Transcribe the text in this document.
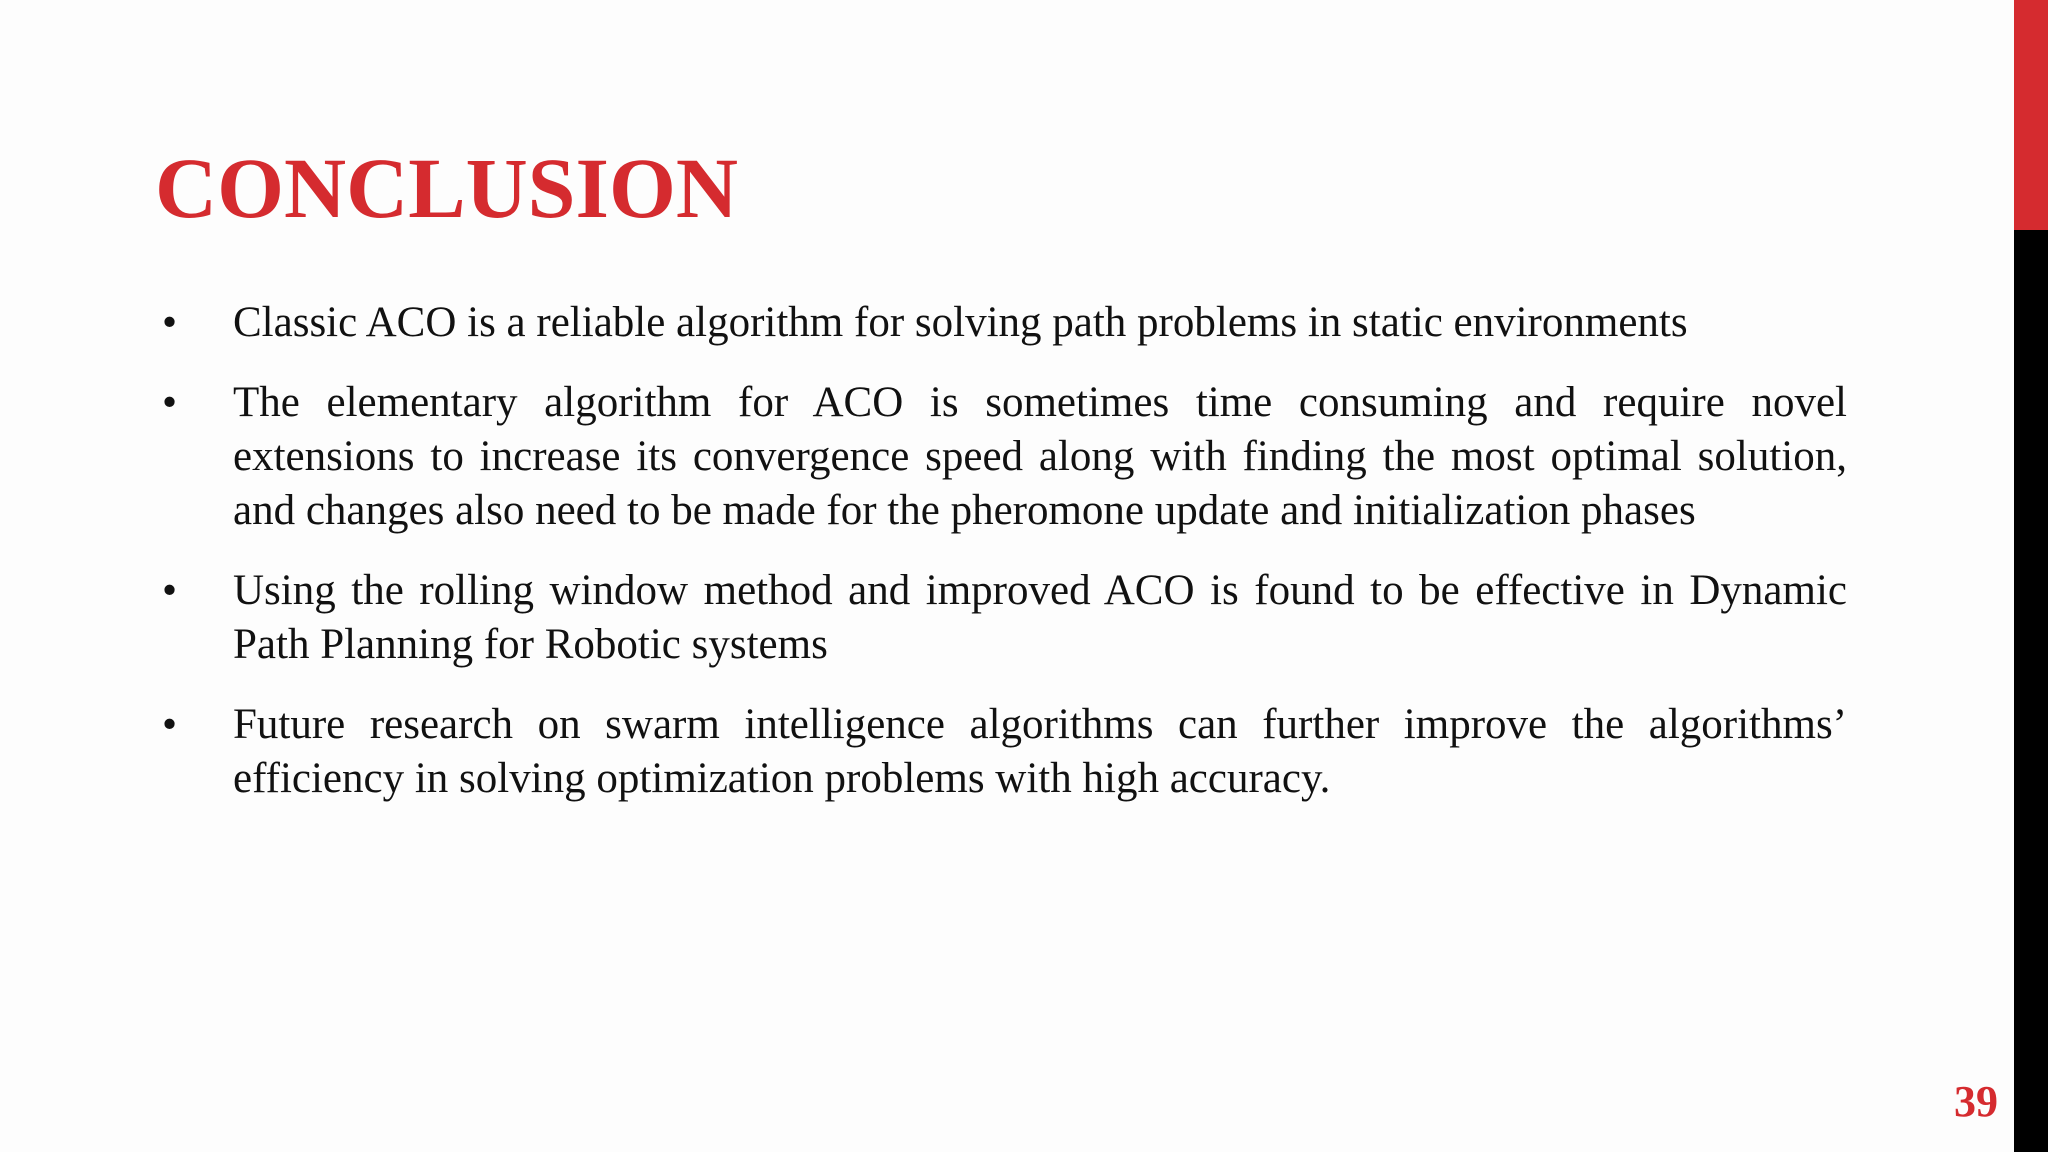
CONCLUSION
• Classic ACO is a reliable algorithm for solving path problems in static environments
• The elementary algorithm for ACO is sometimes time consuming and require novel extensions to increase its convergence speed along with finding the most optimal solution, and changes also need to be made for the pheromone update and initialization phases
• Using the rolling window method and improved ACO is found to be effective in Dynamic Path Planning for Robotic systems
• Future research on swarm intelligence algorithms can further improve the algorithms’ efficiency in solving optimization problems with high accuracy.
39
